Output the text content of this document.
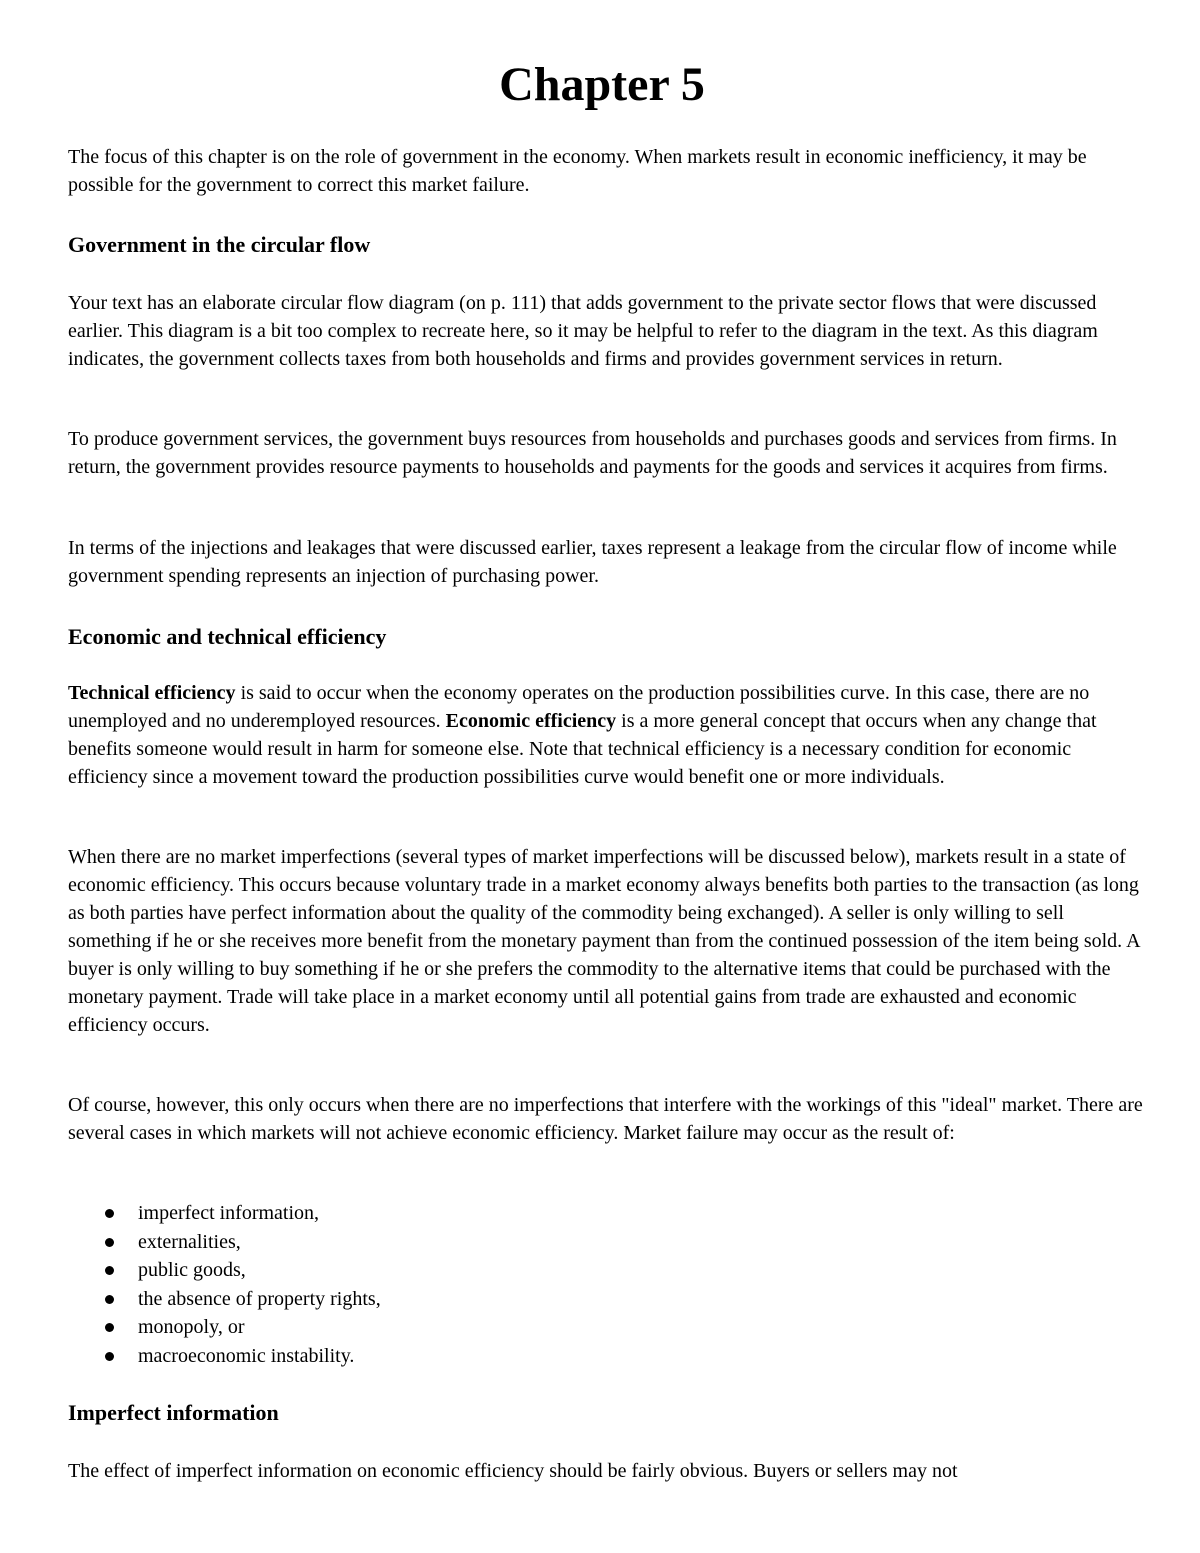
Chapter 5

The focus of this chapter is on the role of government in the economy. When markets result in economic inefficiency, it may be possible for the government to correct this market failure.

Government in the circular flow

Your text has an elaborate circular flow diagram (on p. 111) that adds government to the private sector flows that were discussed earlier. This diagram is a bit too complex to recreate here, so it may be helpful to refer to the diagram in the text. As this diagram indicates, the government collects taxes from both households and firms and provides government services in return.

To produce government services, the government buys resources from households and purchases goods and services from firms. In return, the government provides resource payments to households and payments for the goods and services it acquires from firms.

In terms of the injections and leakages that were discussed earlier, taxes represent a leakage from the circular flow of income while government spending represents an injection of purchasing power.

Economic and technical efficiency

Technical efficiency is said to occur when the economy operates on the production possibilities curve. In this case, there are no unemployed and no underemployed resources. Economic efficiency is a more general concept that occurs when any change that benefits someone would result in harm for someone else. Note that technical efficiency is a necessary condition for economic efficiency since a movement toward the production possibilities curve would benefit one or more individuals.

When there are no market imperfections (several types of market imperfections will be discussed below), markets result in a state of economic efficiency. This occurs because voluntary trade in a market economy always benefits both parties to the transaction (as long as both parties have perfect information about the quality of the commodity being exchanged). A seller is only willing to sell something if he or she receives more benefit from the monetary payment than from the continued possession of the item being sold. A buyer is only willing to buy something if he or she prefers the commodity to the alternative items that could be purchased with the monetary payment. Trade will take place in a market economy until all potential gains from trade are exhausted and economic efficiency occurs.

Of course, however, this only occurs when there are no imperfections that interfere with the workings of this "ideal" market. There are several cases in which markets will not achieve economic efficiency. Market failure may occur as the result of:

imperfect information,
externalities,
public goods,
the absence of property rights,
monopoly, or
macroeconomic instability.
Imperfect information

The effect of imperfect information on economic efficiency should be fairly obvious. Buyers or sellers may not
